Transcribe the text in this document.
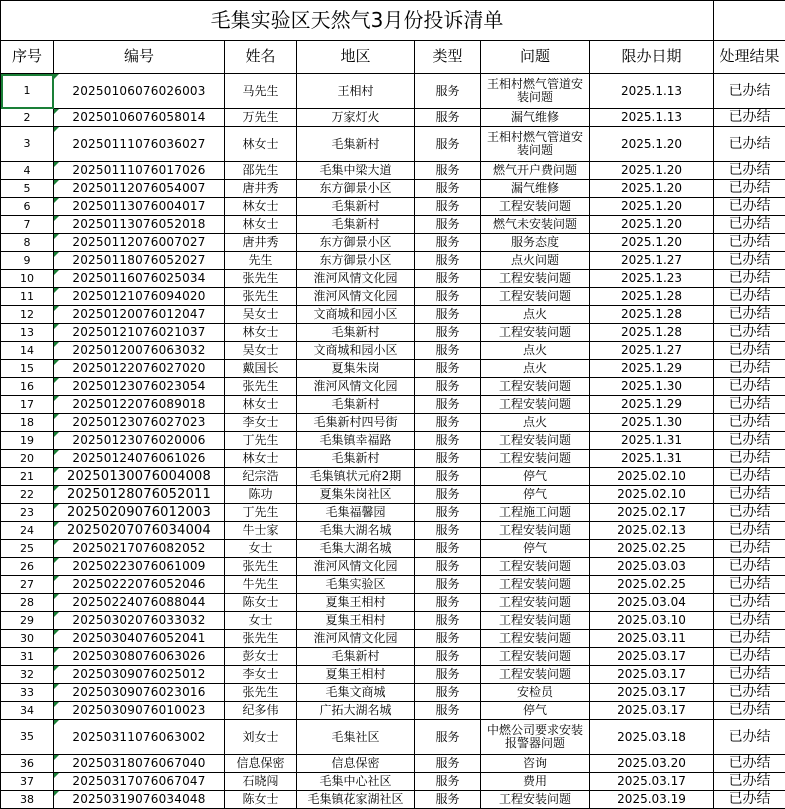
毛集实验区天然气3月份投诉清单							
序号	编号	姓名	地区	类型	问题	限办日期	处理结果
1	20250106076026003	马先生	王相村	服务	王相村燃气管道安装问题	2025.1.13	已办结
2	20250106076058014	万先生	万家灯火	服务	漏气维修	2025.1.13	已办结
3	20250111076036027	林女士	毛集新村	服务	王相村燃气管道安装问题	2025.1.20	已办结
4	20250111076017026	邵先生	毛集中梁大道	服务	燃气开户费问题	2025.1.20	已办结
5	20250112076054007	唐井秀	东方御景小区	服务	漏气维修	2025.1.20	已办结
6	20250113076004017	林女士	毛集新村	服务	工程安装问题	2025.1.20	已办结
7	20250113076052018	林女士	毛集新村	服务	燃气未安装问题	2025.1.20	已办结
8	20250112076007027	唐井秀	东方御景小区	服务	服务态度	2025.1.20	已办结
9	20250118076052027	先生	东方御景小区	服务	点火问题	2025.1.27	已办结
10	20250116076025034	张先生	淮河风情文化园	服务	工程安装问题	2025.1.23	已办结
11	20250121076094020	张先生	淮河风情文化园	服务	工程安装问题	2025.1.28	已办结
12	20250120076012047	吴女士	文商城和园小区	服务	点火	2025.1.28	已办结
13	20250121076021037	林女士	毛集新村	服务	工程安装问题	2025.1.28	已办结
14	20250120076063032	吴女士	文商城和园小区	服务	点火	2025.1.27	已办结
15	20250122076027020	戴国长	夏集朱岗	服务	点火	2025.1.29	已办结
16	20250123076023054	张先生	淮河风情文化园	服务	工程安装问题	2025.1.30	已办结
17	20250122076089018	林女士	毛集新村	服务	工程安装问题	2025.1.29	已办结
18	20250123076027023	李女士	毛集新村四号街	服务	点火	2025.1.30	已办结
19	20250123076020006	丁先生	毛集镇幸福路	服务	工程安装问题	2025.1.31	已办结
20	20250124076061026	林女士	毛集新村	服务	工程安装问题	2025.1.31	已办结
21	20250130076004008	纪宗浩	毛集镇状元府2期	服务	停气	2025.02.10	已办结
22	20250128076052011	陈功	夏集朱岗社区	服务	停气	2025.02.10	已办结
23	20250209076012003	丁先生	毛集福馨园	服务	工程施工问题	2025.02.17	已办结
24	20250207076034004	牛士家	毛集大湖名城	服务	工程安装问题	2025.02.13	已办结
25	20250217076082052	女士	毛集大湖名城	服务	停气	2025.02.25	已办结
26	20250223076061009	张先生	淮河风情文化园	服务	工程安装问题	2025.03.03	已办结
27	20250222076052046	牛先生	毛集实验区	服务	工程安装问题	2025.02.25	已办结
28	20250224076088044	陈女士	夏集王相村	服务	工程安装问题	2025.03.04	已办结
29	20250302076033032	女士	夏集王相村	服务	工程安装问题	2025.03.10	已办结
30	20250304076052041	张先生	淮河风情文化园	服务	工程安装问题	2025.03.11	已办结
31	20250308076063026	彭女士	毛集新村	服务	工程安装问题	2025.03.17	已办结
32	20250309076025012	李女士	夏集王相村	服务	工程安装问题	2025.03.17	已办结
33	20250309076023016	张先生	毛集文商城	服务	安检员	2025.03.17	已办结
34	20250309076010023	纪多伟	广拓大湖名城	服务	停气	2025.03.17	已办结
35	20250311076063002	刘女士	毛集社区	服务	中燃公司要求安装报警器问题	2025.03.18	已办结
36	20250318076067040	信息保密	信息保密	服务	咨询	2025.03.20	已办结
37	20250317076067047	石晓闯	毛集中心社区	服务	费用	2025.03.17	已办结
38	20250319076034048	陈女士	毛集镇花家湖社区	服务	工程安装问题	2025.03.19	已办结
